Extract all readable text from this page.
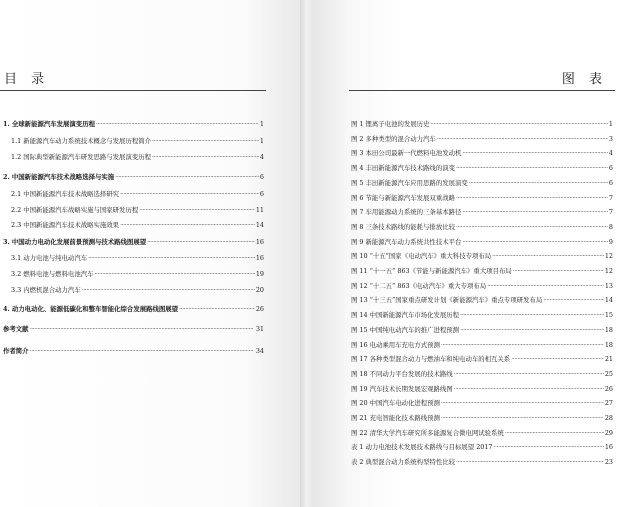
目 录
1. 全球新能源汽车发展演变历程 ·····	1
1.1 新能源汽车动力系统技术概念与发展历程简介 ·····	1
1.2 国际典型新能源汽车研发思路与发展演变历程 ·····	4
2. 中国新能源汽车技术战略选择与实施 ·····	6
2.1 中国新能源汽车技术战略选择研究 ·····	6
2.2 中国新能源汽车战略实施与国家研发历程 ·····	11
2.3 中国新能源汽车技术战略实施效果 ·····	14
3. 中国动力电动化发展前景预测与技术路线图展望 ·····	16
3.1 动力电池与纯电动汽车 ·····	16
3.2 燃料电池与燃料电池汽车 ·····	19
3.3 内燃机混合动力汽车 ·····	20
4. 动力电动化、能源低碳化和整车智能化综合发展路线图展望 ·····	26
参考文献 ·····	31
作者简介 ·····	34
图 表
图 1 锂离子电池的发展历史 ·····	1
图 2 多种类型的混合动力汽车 ·····	3
图 3 本田公司最新一代燃料电池发动机 ·····	4
图 4 丰田新能源汽车技术路线的演变 ·····	6
图 5 丰田新能源汽车应用思路的发展演变 ·····	6
图 6 节能与新能源汽车发展双重战略 ·····	7
图 7 车用能源动力系统的三条基本路径 ·····	7
图 8 三条技术路线的能耗与排放比较 ·····	8
图 9 新能源汽车动力系统共性技术平台 ·····	9
图 10 “十五”国家《电动汽车》重大科技专项布局 ·····	12
图 11 “十一五” 863《节能与新能源汽车》重大项目布局 ·····	12
图 12 “十二五” 863《电动汽车》重大专项布局 ·····	13
图 13 “十三五”国家重点研发计划《新能源汽车》重点专项研发布局 ·····	14
图 14 中国新能源汽车市场化发展历程 ·····	15
图 15 中国纯电动汽车的推广进程预测 ·····	18
图 16 电动乘用车充电方式预测 ·····	18
图 17 各种类型混合动力与燃油车和纯电动车的相互关系 ·····	21
图 18 不同动力平台发展的技术路线 ·····	25
图 19 汽车技术长期发展宏观路线图 ·····	26
图 20 中国汽车电动化进程预测 ·····	27
图 21 充电智能化技术路线预测 ·····	28
图 22 清华大学汽车研究所多能源复合微电网试验系统 ·····	29
表 1 动力电池技术发展技术路线与目标展望 2017 ·····	16
表 2 典型混合动力系统构型特性比较 ·····	23
